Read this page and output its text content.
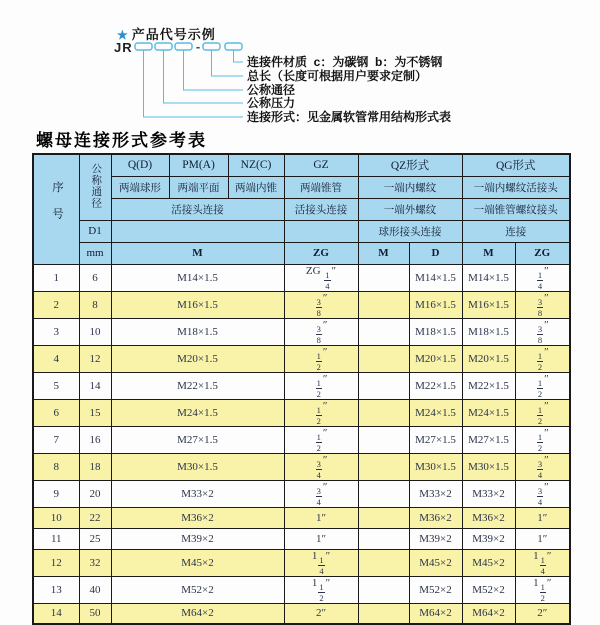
★ 产品代号示例
JR	-
连接件材质  c：为碳钢  b：为不锈钢
总长（长度可根据用户要求定制）
公称通径
公称压力
连接形式：见金属软管常用结构形式表
螺母连接形式参考表
序号	公称通径	Q(D)	PM(A)	NZ(C)	GZ	QZ形式		QG形式	
		两端球形	两端平面	两端内锥	两端锥管	一端内螺纹		一端内螺纹活接头	
		活接头连接			活接头连接	一端外螺纹		一端锥管螺纹接头	
	D1					球形接头连接		连接	
	mm	M			ZG	M	D	M	ZG
1	6	M14×1.5			ZG $\frac{1}{4}$ ″		M14×1.5	M14×1.5	$\frac{1}{4}$ ″
2	8	M16×1.5			$\frac{3}{8}$ ″		M16×1.5	M16×1.5	$\frac{3}{8}$ ″
3	10	M18×1.5			$\frac{3}{8}$ ″		M18×1.5	M18×1.5	$\frac{3}{8}$ ″
4	12	M20×1.5			$\frac{1}{2}$ ″		M20×1.5	M20×1.5	$\frac{1}{2}$ ″
5	14	M22×1.5			$\frac{1}{2}$ ″		M22×1.5	M22×1.5	$\frac{1}{2}$ ″
6	15	M24×1.5			$\frac{1}{2}$ ″		M24×1.5	M24×1.5	$\frac{1}{2}$ ″
7	16	M27×1.5			$\frac{1}{2}$ ″		M27×1.5	M27×1.5	$\frac{1}{2}$ ″
8	18	M30×1.5			$\frac{3}{4}$ ″		M30×1.5	M30×1.5	$\frac{3}{4}$ ″
9	20	M33×2			$\frac{3}{4}$ ″		M33×2	M33×2	$\frac{3}{4}$ ″
10	22	M36×2			1″		M36×2	M36×2	1″
11	25	M39×2			1″		M39×2	M39×2	1″
12	32	M45×2			$1 \frac{1}{4}$ ″		M45×2	M45×2	$1 \frac{1}{4}$ ″
13	40	M52×2			$1 \frac{1}{2}$ ″		M52×2	M52×2	$1 \frac{1}{2}$ ″
14	50	M64×2			2″		M64×2	M64×2	2″
